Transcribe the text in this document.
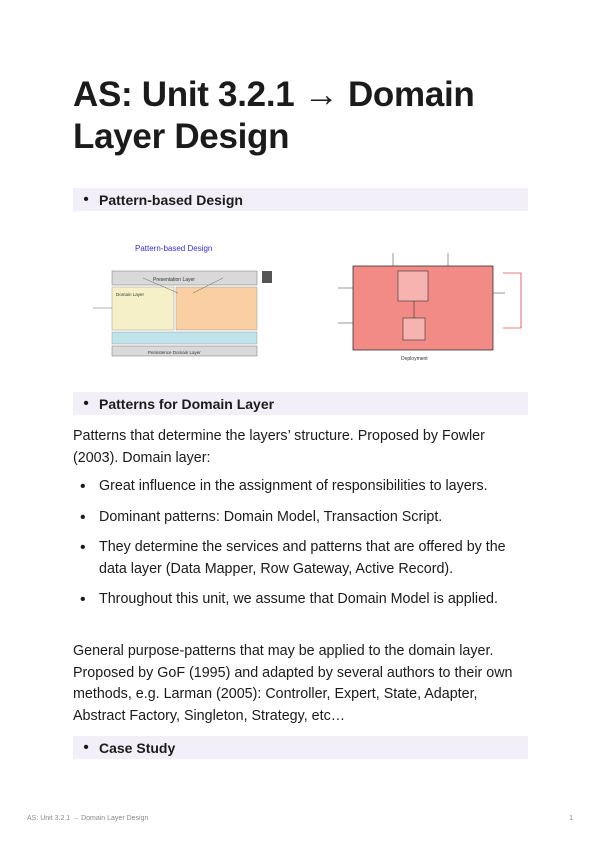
AS: Unit 3.2.1 → Domain Layer Design
• Pattern-based Design
Pattern-based Design
Presentation Layer
Domain Layer
Persistence Domain Layer
Deployment
• Patterns for Domain Layer

Patterns that determine the layers’ structure. Proposed by Fowler (2003). Domain layer:

• Great influence in the assignment of responsibilities to layers.
• Dominant patterns: Domain Model, Transaction Script.
• They determine the services and patterns that are offered by the data layer (Data Mapper, Row Gateway, Active Record).
• Throughout this unit, we assume that Domain Model is applied.

General purpose-patterns that may be applied to the domain layer. Proposed by GoF (1995) and adapted by several authors to their own methods, e.g. Larman (2005): Controller, Expert, State, Adapter, Abstract Factory, Singleton, Strategy, etc…

• Case Study
AS: Unit 3.2.1 → Domain Layer Design	1
